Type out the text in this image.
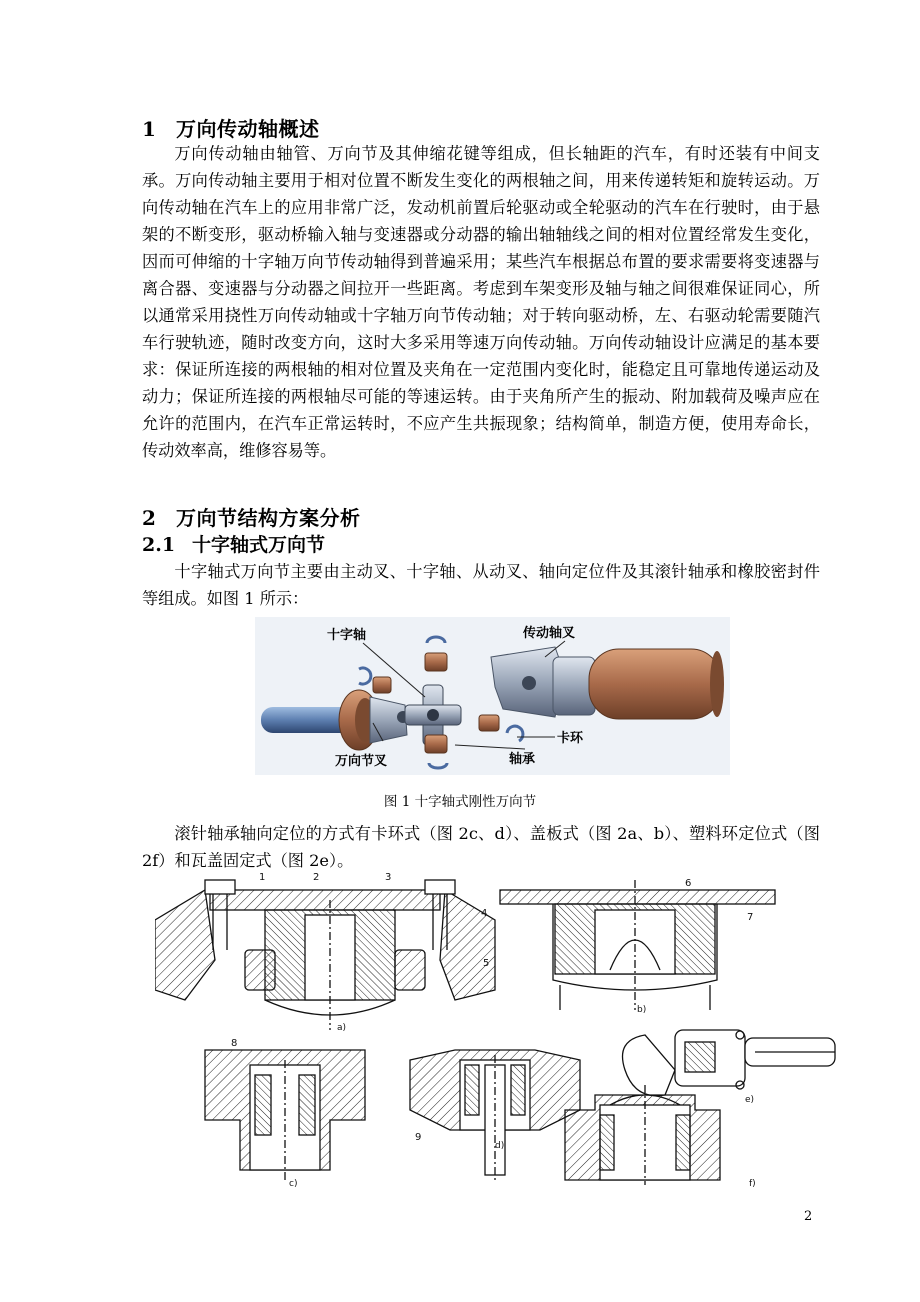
1 万向传动轴概述

万向传动轴由轴管、万向节及其伸缩花键等组成，但长轴距的汽车，有时还装有中间支承。万向传动轴主要用于相对位置不断发生变化的两根轴之间，用来传递转矩和旋转运动。万向传动轴在汽车上的应用非常广泛，发动机前置后轮驱动或全轮驱动的汽车在行驶时，由于悬架的不断变形，驱动桥输入轴与变速器或分动器的输出轴轴线之间的相对位置经常发生变化，因而可伸缩的十字轴万向节传动轴得到普遍采用；某些汽车根据总布置的要求需要将变速器与离合器、变速器与分动器之间拉开一些距离。考虑到车架变形及轴与轴之间很难保证同心，所以通常采用挠性万向传动轴或十字轴万向节传动轴；对于转向驱动桥，左、右驱动轮需要随汽车行驶轨迹，随时改变方向，这时大多采用等速万向传动轴。万向传动轴设计应满足的基本要求：保证所连接的两根轴的相对位置及夹角在一定范围内变化时，能稳定且可靠地传递运动及动力；保证所连接的两根轴尽可能的等速运转。由于夹角所产生的振动、附加载荷及噪声应在允许的范围内，在汽车正常运转时，不应产生共振现象；结构简单，制造方便，使用寿命长，传动效率高，维修容易等。

2 万向节结构方案分析
2.1 十字轴式万向节

十字轴式万向节主要由主动叉、十字轴、从动叉、轴向定位件及其滚针轴承和橡胶密封件等组成。如图 1 所示：

十字轴	传动轴叉
卡环
轴承
万向节叉
图 1 十字轴式刚性万向节

滚针轴承轴向定位的方式有卡环式（图 2c、d）、盖板式（图 2a、b）、塑料环定位式（图 2f）和瓦盖固定式（图 2e）。

1	2	3
4
5
6
7
8
9
a)
b)
c)
d)
e)
f)
2
